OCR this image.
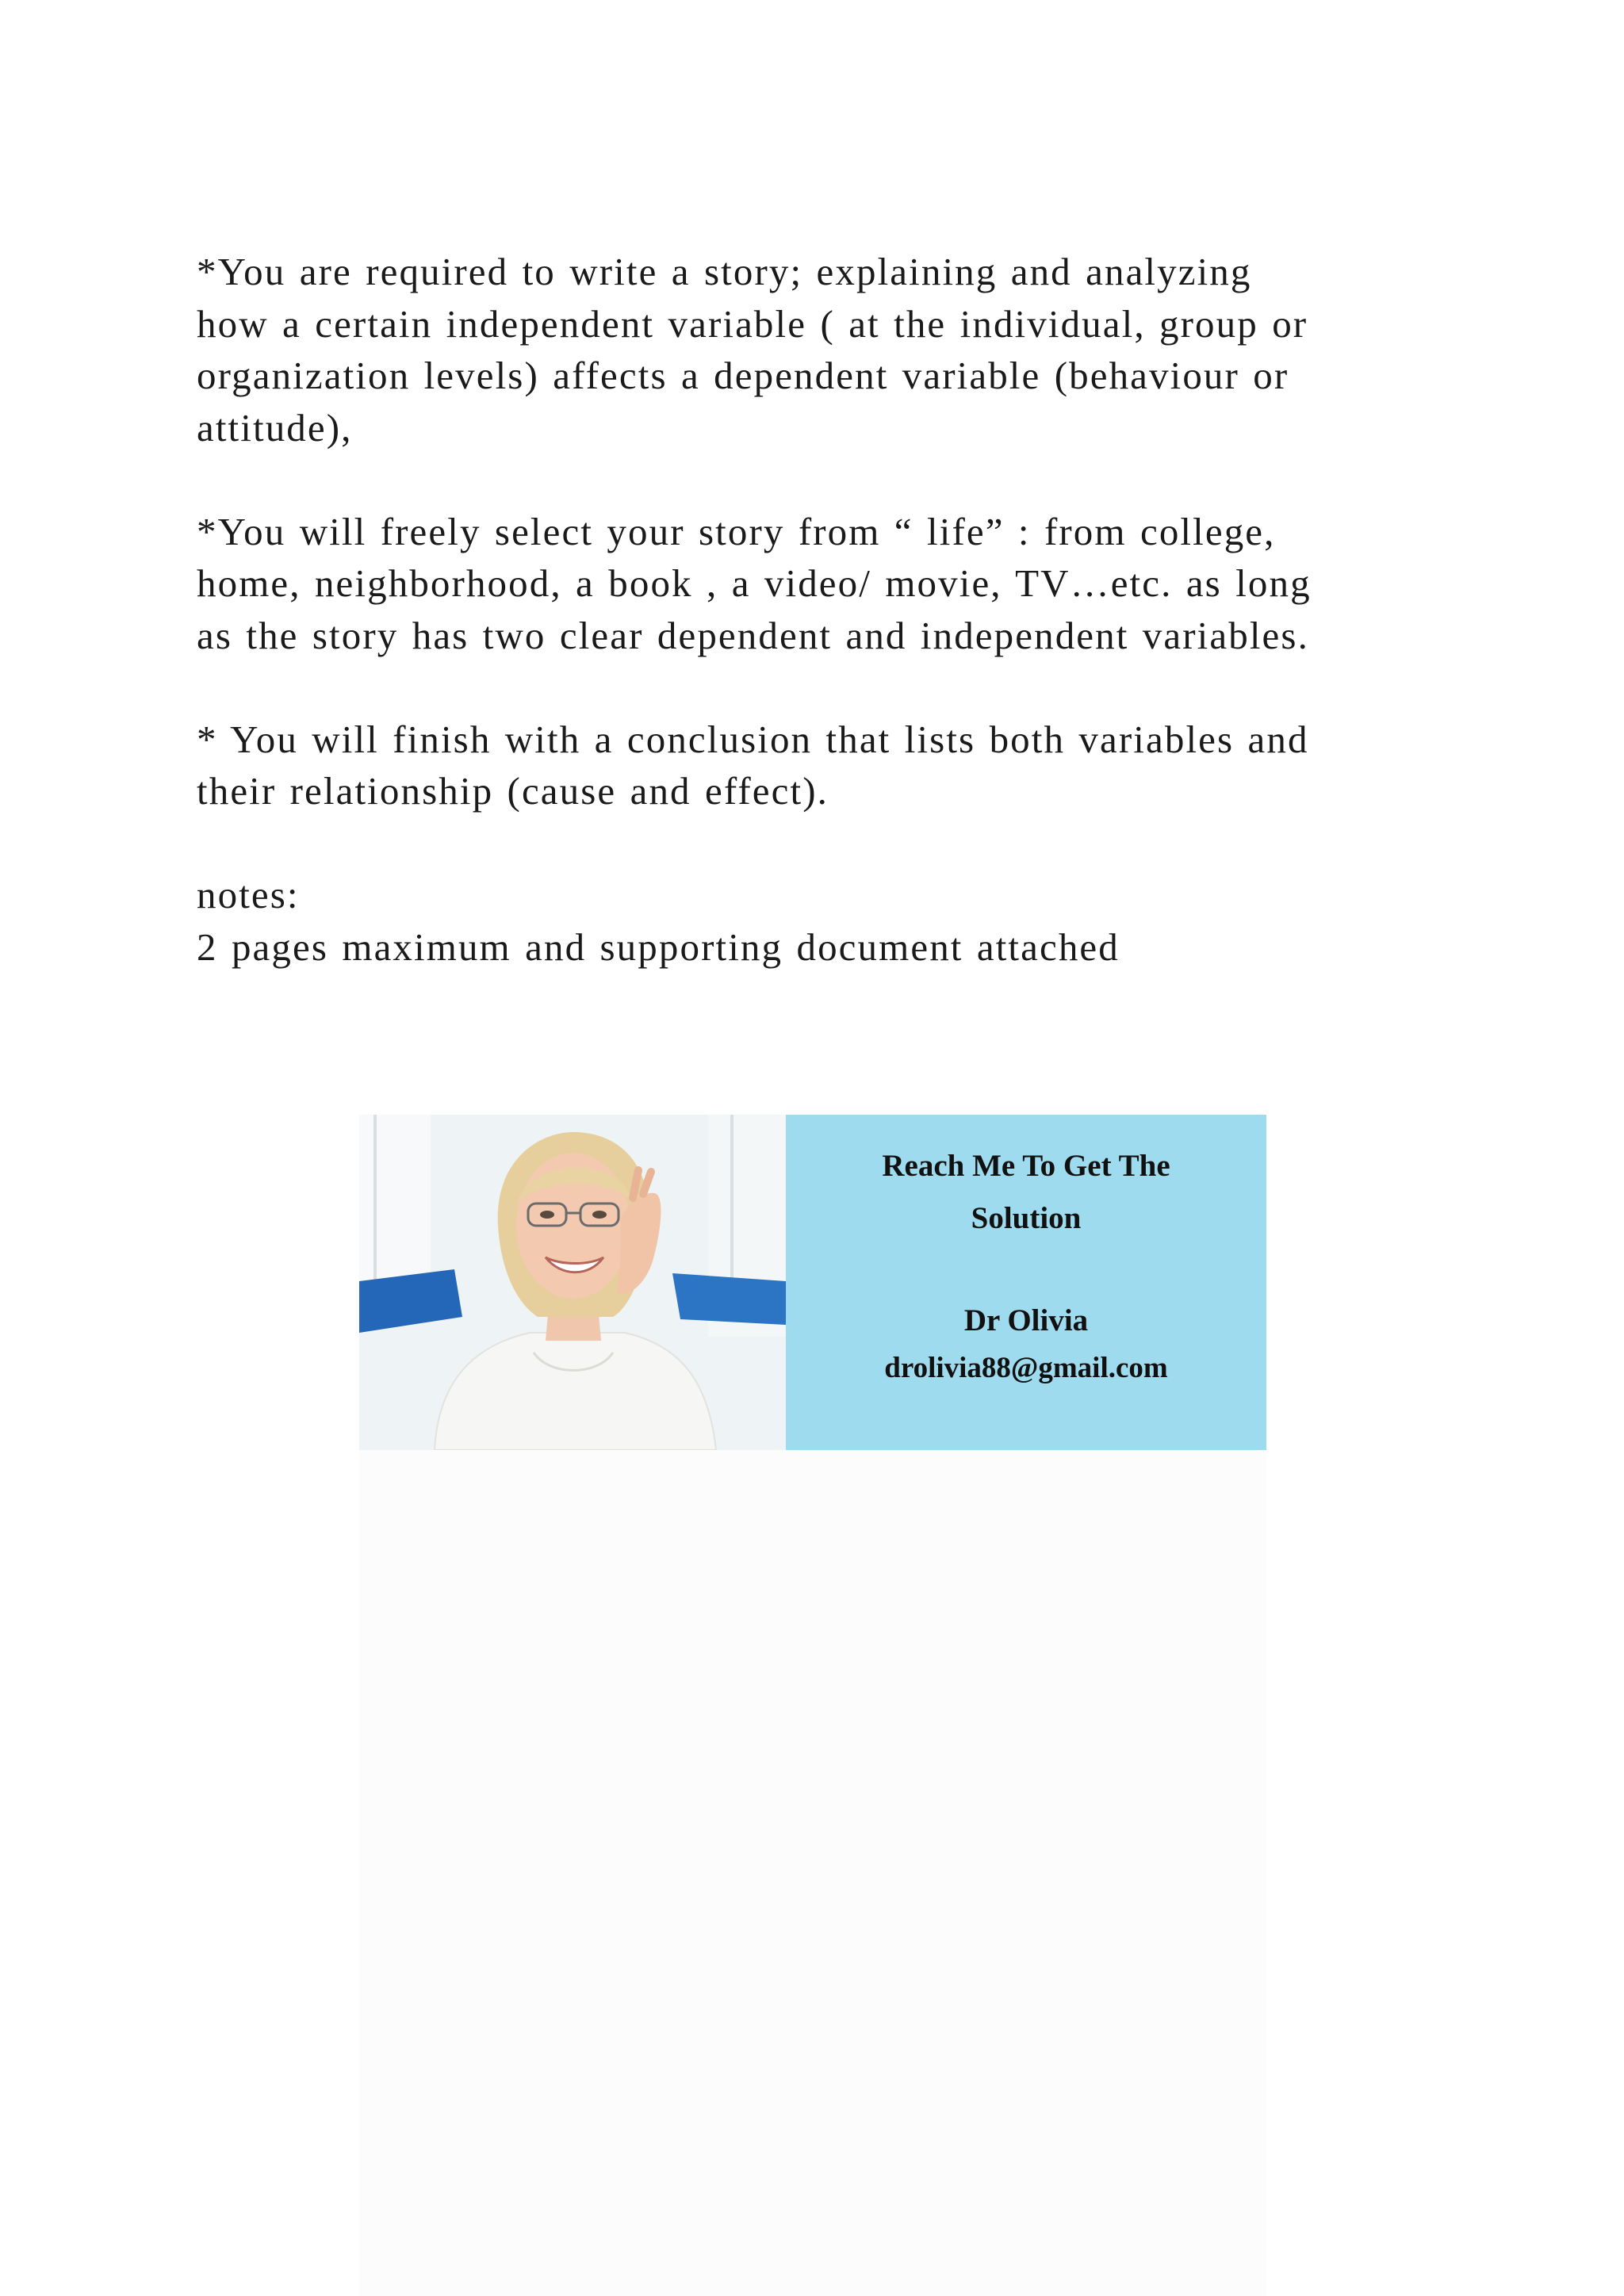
*You are required to write a story; explaining and analyzing
how a certain independent variable ( at the individual, group or
organization levels) affects a dependent variable (behaviour or
attitude),

*You will freely select your story from “ life” : from college,
home, neighborhood, a book , a video/ movie, TV…etc. as long
as the story has two clear dependent and independent variables.

* You will finish with a conclusion that lists both variables and
their relationship (cause and effect).

notes:
2 pages maximum and supporting document attached

Reach Me To Get The
Solution
Dr Olivia
drolivia88@gmail.com
